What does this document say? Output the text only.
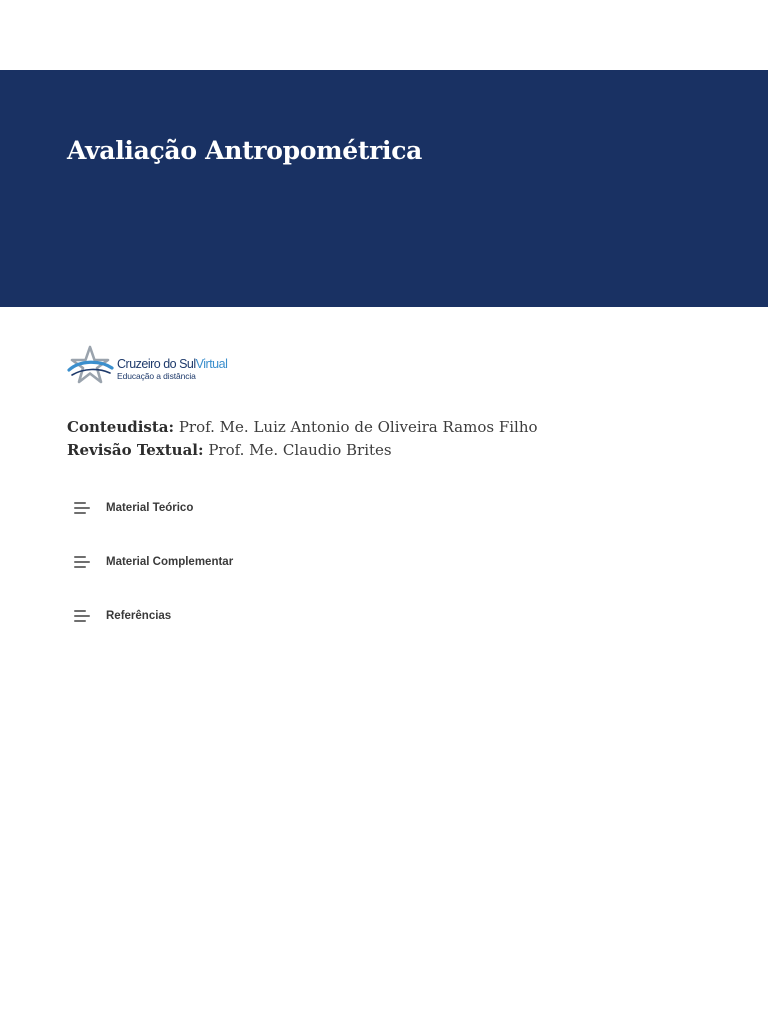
Avaliação Antropométrica
Cruzeiro do SulVirtual
Educação a distância
Conteudista: Prof. Me. Luiz Antonio de Oliveira Ramos Filho
Revisão Textual: Prof. Me. Claudio Brites
Material Teórico
Material Complementar
Referências
